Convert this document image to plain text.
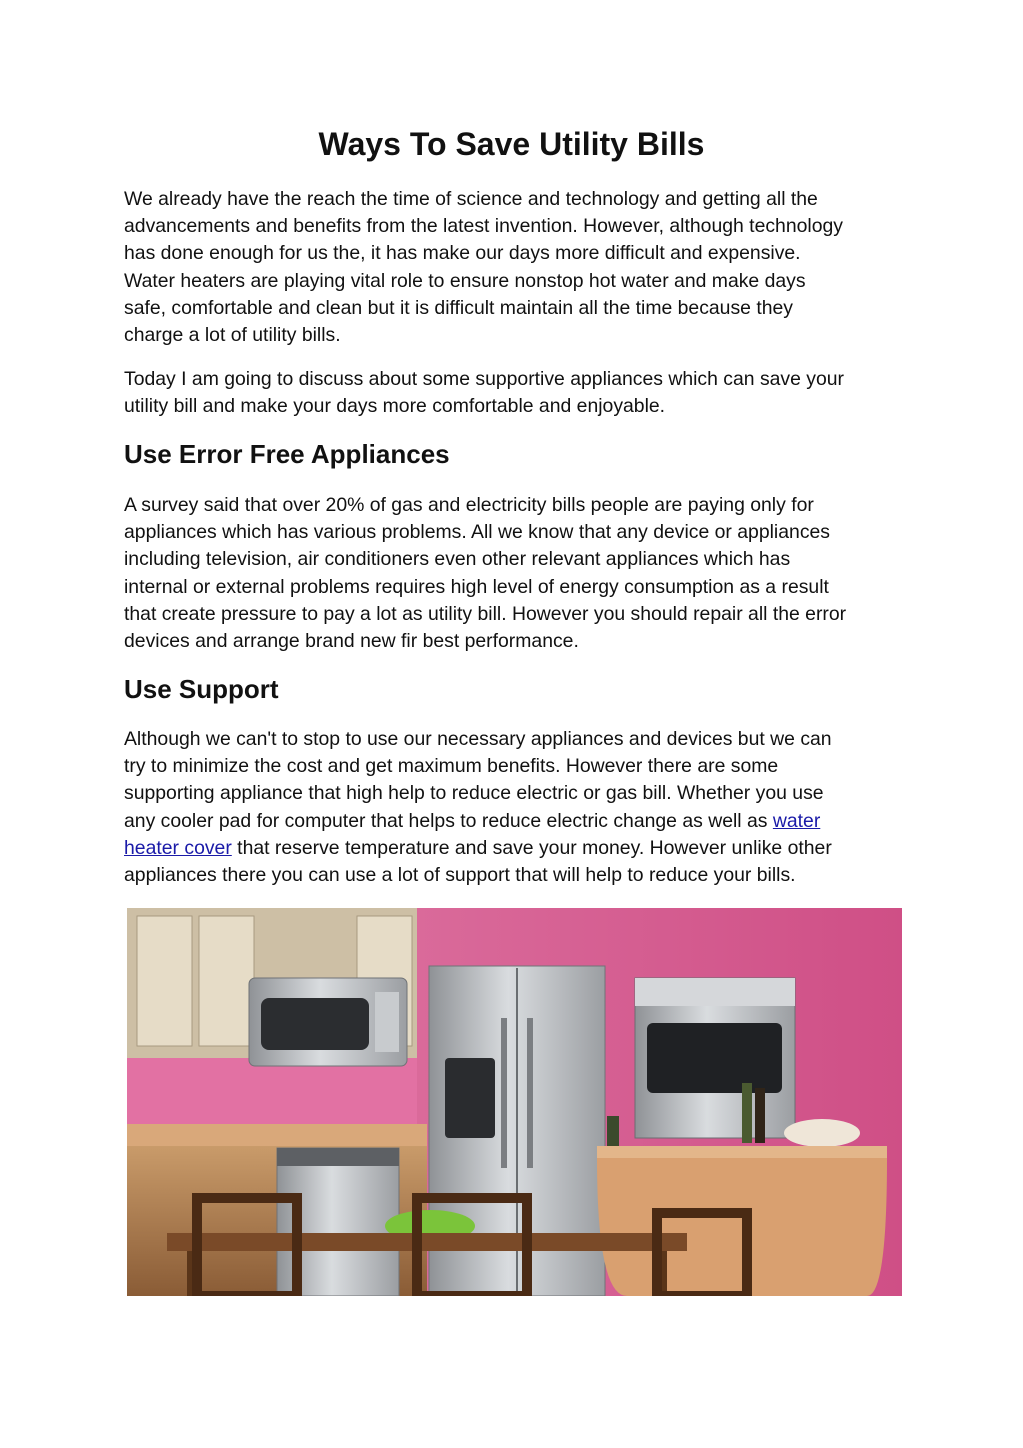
Ways To Save Utility Bills
We already have the reach the time of science and technology and getting all the
advancements and benefits from the latest invention. However, although technology
has done enough for us the, it has make our days more difficult and expensive.
Water heaters are playing vital role to ensure nonstop hot water and make days
safe, comfortable and clean but it is difficult maintain all the time because they
charge a lot of utility bills.
Today I am going to discuss about some supportive appliances which can save your
utility bill and make your days more comfortable and enjoyable.
Use Error Free Appliances
A survey said that over 20% of gas and electricity bills people are paying only for
appliances which has various problems. All we know that any device or appliances
including television, air conditioners even other relevant appliances which has
internal or external problems requires high level of energy consumption as a result
that create pressure to pay a lot as utility bill. However you should repair all the error
devices and arrange brand new fir best performance.
Use Support
Although we can't to stop to use our necessary appliances and devices but we can
try to minimize the cost and get maximum benefits. However there are some
supporting appliance that high help to reduce electric or gas bill. Whether you use
any cooler pad for computer that helps to reduce electric change as well as water
heater cover that reserve temperature and save your money. However unlike other
appliances there you can use a lot of support that will help to reduce your bills.
